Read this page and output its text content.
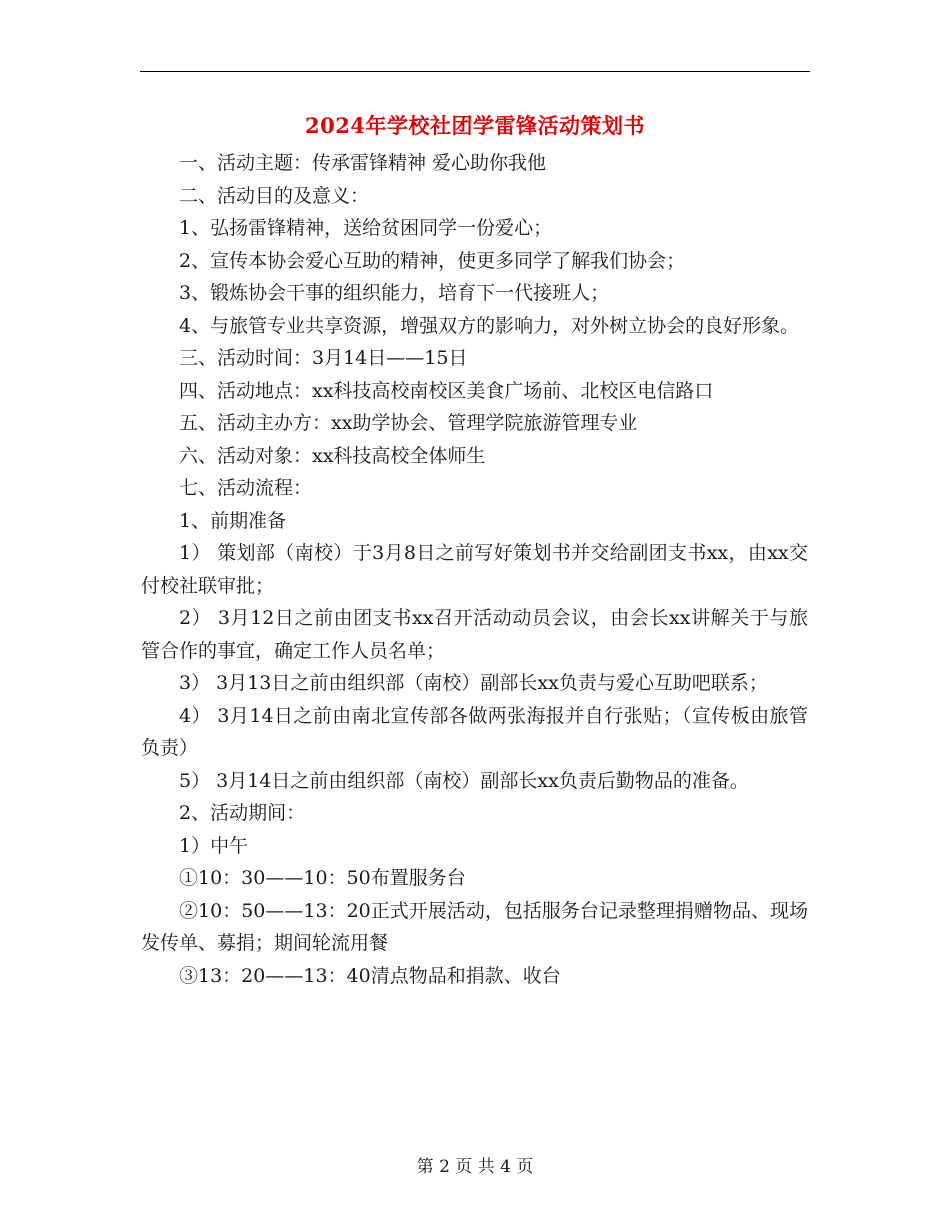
2024年学校社团学雷锋活动策划书

一、活动主题：传承雷锋精神 爱心助你我他

二、活动目的及意义：

1、弘扬雷锋精神，送给贫困同学一份爱心；

2、宣传本协会爱心互助的精神，使更多同学了解我们协会；

3、锻炼协会干事的组织能力，培育下一代接班人；

4、与旅管专业共享资源，增强双方的影响力，对外树立协会的良好形象。

三、活动时间：3月14日——15日

四、活动地点：xx科技高校南校区美食广场前、北校区电信路口

五、活动主办方：xx助学协会、管理学院旅游管理专业

六、活动对象：xx科技高校全体师生

七、活动流程：

1、前期准备

1） 策划部（南校）于3月8日之前写好策划书并交给副团支书xx，由xx交付校社联审批；

2） 3月12日之前由团支书xx召开活动动员会议，由会长xx讲解关于与旅管合作的事宜，确定工作人员名单；

3） 3月13日之前由组织部（南校）副部长xx负责与爱心互助吧联系；

4） 3月14日之前由南北宣传部各做两张海报并自行张贴；（宣传板由旅管负责）

5） 3月14日之前由组织部（南校）副部长xx负责后勤物品的准备。

2、活动期间：

1）中午

①10：30——10：50布置服务台

②10：50——13：20正式开展活动，包括服务台记录整理捐赠物品、现场发传单、募捐；期间轮流用餐

③13：20——13：40清点物品和捐款、收台

第 2 页 共 4 页
